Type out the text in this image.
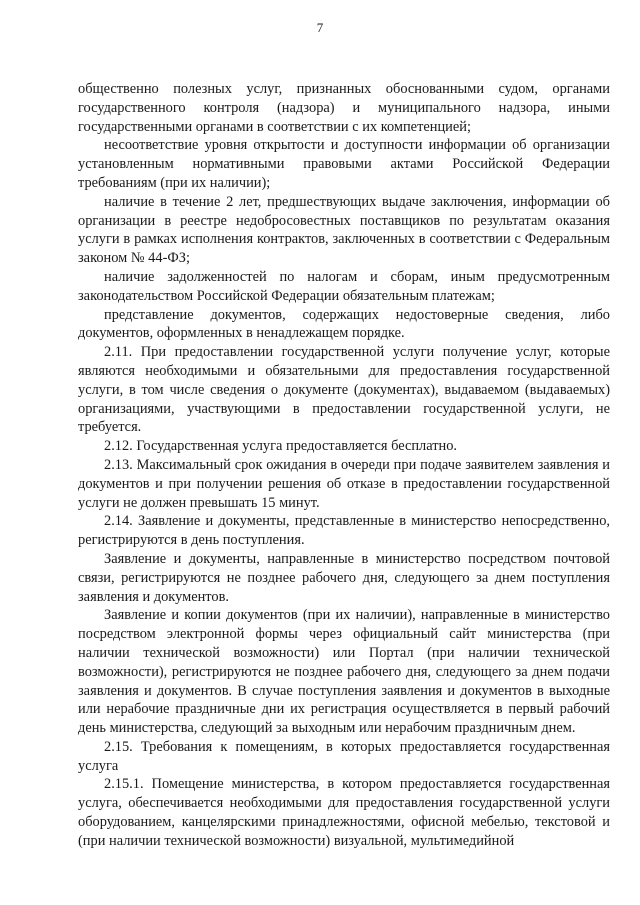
7

общественно полезных услуг, признанных обоснованными судом, органами государственного контроля (надзора) и муниципального надзора, иными государственными органами в соответствии с их компетенцией;

несоответствие уровня открытости и доступности информации об организации установленным нормативными правовыми актами Российской Федерации требованиям (при их наличии);

наличие в течение 2 лет, предшествующих выдаче заключения, информации об организации в реестре недобросовестных поставщиков по результатам оказания услуги в рамках исполнения контрактов, заключенных в соответствии с Федеральным законом № 44-ФЗ;

наличие задолженностей по налогам и сборам, иным предусмотренным законодательством Российской Федерации обязательным платежам;

представление документов, содержащих недостоверные сведения, либо документов, оформленных в ненадлежащем порядке.

2.11. При предоставлении государственной услуги получение услуг, которые являются необходимыми и обязательными для предоставления государственной услуги, в том числе сведения о документе (документах), выдаваемом (выдаваемых) организациями, участвующими в предоставлении государственной услуги, не требуется.

2.12. Государственная услуга предоставляется бесплатно.

2.13. Максимальный срок ожидания в очереди при подаче заявителем заявления и документов и при получении решения об отказе в предоставлении государственной услуги не должен превышать 15 минут.

2.14. Заявление и документы, представленные в министерство непосредственно, регистрируются в день поступления.

Заявление и документы, направленные в министерство посредством почтовой связи, регистрируются не позднее рабочего дня, следующего за днем поступления заявления и документов.

Заявление и копии документов (при их наличии), направленные в министерство посредством электронной формы через официальный сайт министерства (при наличии технической возможности) или Портал (при наличии технической возможности), регистрируются не позднее рабочего дня, следующего за днем подачи заявления и документов. В случае поступления заявления и документов в выходные или нерабочие праздничные дни их регистрация осуществляется в первый рабочий день министерства, следующий за выходным или нерабочим праздничным днем.

2.15. Требования к помещениям, в которых предоставляется государственная услуга

2.15.1. Помещение министерства, в котором предоставляется государственная услуга, обеспечивается необходимыми для предоставления государственной услуги оборудованием, канцелярскими принадлежностями, офисной мебелью, текстовой и (при наличии технической возможности) визуальной, мультимедийной
